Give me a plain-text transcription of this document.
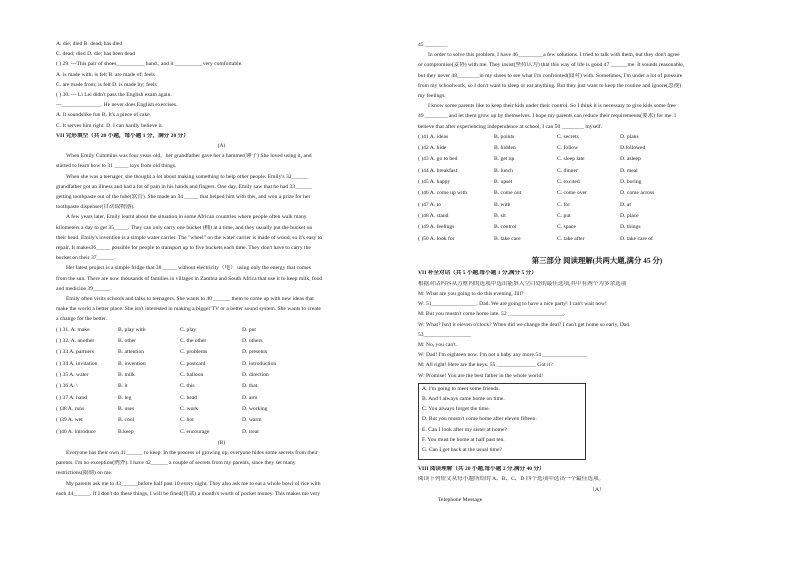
A. die; died B. dead; has died

C. dead; died D. die; has been dead

( ) 29. ---This pair of shoes__________ hand., and it __________very comfortable.

A. is made with; is felt B. are made of; feels

C. are made from; is felt D. is made by; feels

( ) 30. --- Li Lei didn't pass the English exam again.

---______________. He never does English exercises.

A. It soundslike fun B. It's a piece of cake.

C. It serves him right. D. I can hardly believe it.

VII 完形填空（共 20 小题，每小题 1 分，满分 20 分）

(A)

When Emily Cummins was four years old，her grandfather gave her a hammer(锤子) She loved using it, and

started to learn how to 31 _____ toys from old things.

When she was a teenager, she thought a lot about making something to help other people. Emily's 32______

grandfather got an illness and had a lot of pain in his hands and fingers. One day, Emily saw that he had 33______

getting toothpaste out of the tube(软管). She made an 34 _____ that helped him with this, and won a prize for her

toothpaste dispenser(自动取物器).

A few years later, Emily learnt about the situation in some African countries where people often walk many

kilometers a day to get 35_____. They can only carry one bucket (桶) at a time, and they usually put the bucket on

their head. Emily's invention is a simple water carrier. The "wheel" on the water carrier is made of wood, so it's easy to

repair. It makes36_____ possible for people to transport up to five buckets each time. They don't have to carry the

bucket on their 37______.

Her latest project is a simple fridge that 38 _____ without electricity（电） using only the energy that comes

from the sun. There are now thousands of families in villages in Zambia and South Africa that use it to keep milk, food

and medicine 39______.

Emily often visits schools and talks to teenagers. She wants to 40 ______ them to come up with new ideas that

make the world a better place. She isn't interested in making a bigger TV or a better sound system. She wants to create

a change for the better.

( ) 31. A. make	B. play with	C. play	D. put
( ) 32. A. another	B. other	C. the other	D. others
( ) 33 A. partners	B. attention	C. problems	D. presents
( ) 34 A. invitation	B. invention	C. postcard	D. introduction
( ) 35 A. water	B. milk	C. balloon	D. direction
( ) 36 A. \	B. it	C. this	D. that
( ) 37 A. hand	B. leg	C. head	D. arm
( )38 A. runs	B. uses	C. work	D. working
( )39 A. wet	B. cool	C. hot	D. warm
( )40 A. introduce	B.keep	C. encourage	D. treat

(B)

Everyone has their own 41______ to keep. In the process of growing up, everyone hides some secrets from their

parents. I'm no exception(例外). I have 42______ a couple of secrets from my parents, since they set many

restrictions(限制) on me.

My parents ask me to 43______before half past 10 every night. They also ask me to eat a whole bowl of rice with

each 44______. If I don't do these things, I will be fined(罚款) a month's worth of pocket money. This makes me very

45 ________

In order to solve this problem, I have 46_________a few solutions. I tried to talk with them, but they don't agree

or compromise(妥协) with me. They insist(坚持认为) that this way of life is good 47 ______me. It sounds reasonable,

but they never 48________in my shoes to see what I'm confronted(面对) with. Sometimes, I'm under a lot of pressure

from my schoolwork, so I don't want to sleep or eat anything. But they just want to keep the routine and ignore(忽视)

my feelings.

I know some parents like to keep their kids under their control. So I think it is necessary to give kids some free

49 ________ and let them grow up by themselves. I hope my parents can reduce their requirements(要求) for me. I

believe that after experiencing independence at school, I can 50 ________ myself.

( )41 A. ideas	B. points	C. secrets	D. plans
( )42 A. hide	B. hidden	C. follow	D.followed
( )43 A. go to bed	B. get up	C. sleep late	D. asleep
( )44 A. breakfast	B. lunch	C. dinner	D. meal
( )45 A. happy	B. upset	C. excited	D. boring
( )46 A. come up with	B. come out	C. come over	D. come across
( )47 A. to	B. with	C. for	D. at
( )48 A. stand	B. sit	C. put	D. place
( )49 A. feelings	B. control	C. space	D. things
( )50 A. look for	B. take care	C. take after	D. take care of

第三部分 阅读理解(共两大题,满分 45 分)

VII 补全对话（共 5 小题,每小题 1 分,满分 5 分）

根据对话内容从方框内的选项中选出能填入空白处的最佳选项,其中有两个为多余选项

M: What are you going to do this evening, Jill?

W: 51________________. Dad. We are going to have a nice party! I can't wait now!

M: But you mustn't come home late. 52 ____________________.

W: What? Isn't it eleven o'clock? When did we change the deal? I can't get home so early, Dad.

53_________________

M: No, you can't.

W: Dad! I'm eighteen now. I'm not a baby any more.54 ________________

M: All right! Here are the keys. 55 ______________ Got it?

W: Promise! You are the best father in the whole world!

A. I'm going to meet some friends.

B. And I always came home on time.

C. You always forget the time.

D. But you mustn't come home after eleven fifteen.

E. Can I look after my sister at home?

F. You must be home at half past ten.

G. Can I get back at the usual time?

VIII 阅读理解（共 20 小题,每小题 2 分,满分 40 分）

阅读下列短文从每小题所给的 A、B、C、D 四个选项中选出一个最佳选项。

（A）

Telephone Message
